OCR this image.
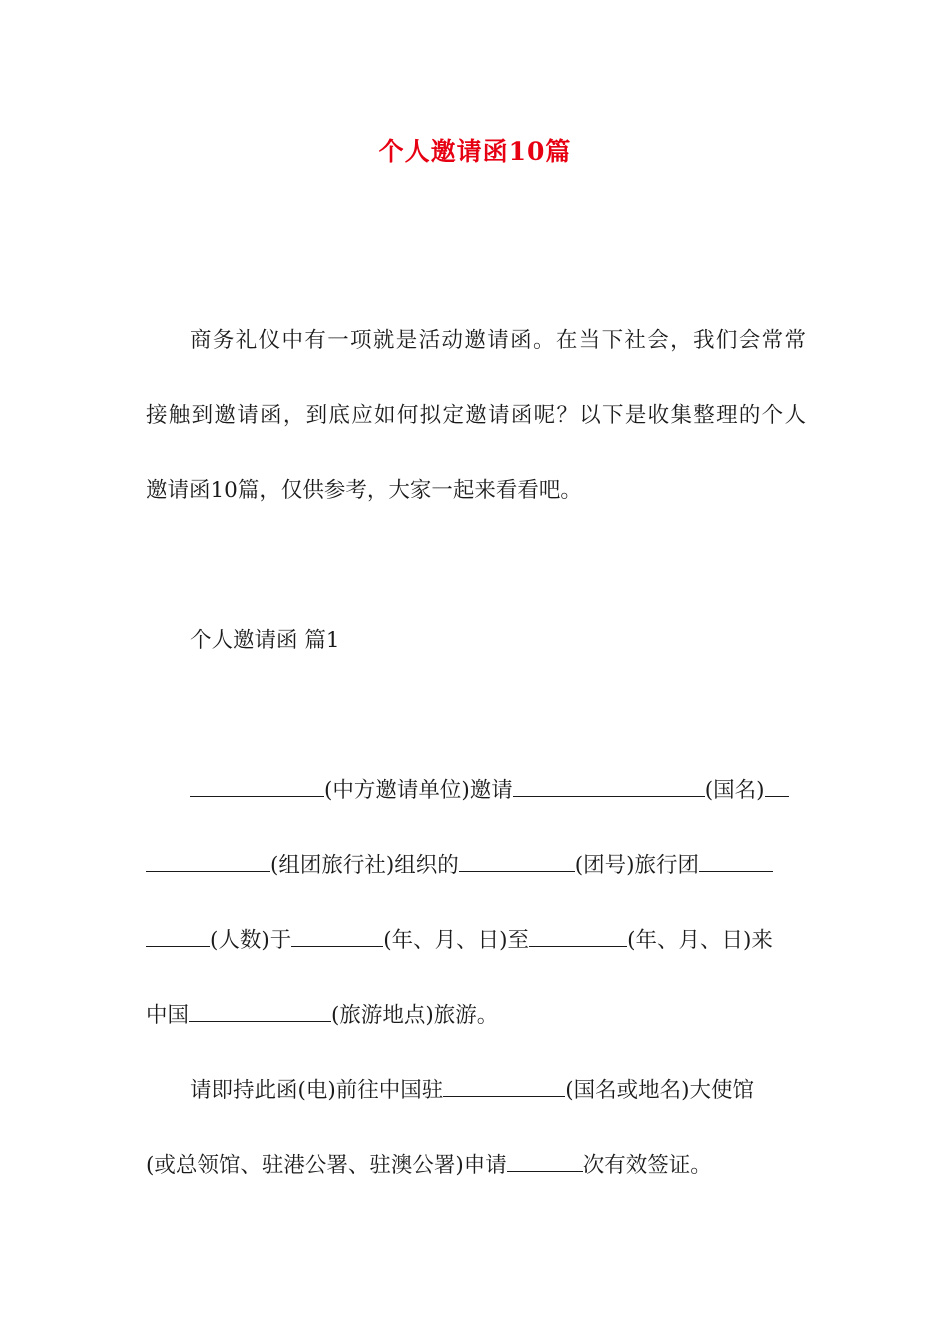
个人邀请函10篇

商务礼仪中有一项就是活动邀请函。在当下社会，我们会常常

接触到邀请函，到底应如何拟定邀请函呢？以下是收集整理的个人

邀请函10篇，仅供参考，大家一起来看看吧。

个人邀请函 篇1

(中方邀请单位)邀请	(国名)

(组团旅行社)组织的	(团号)旅行团

(人数)于	(年、月、日)至	(年、月、日)来

中国	(旅游地点)旅游。

请即持此函(电)前往中国驻	(国名或地名)大使馆

(或总领馆、驻港公署、驻澳公署)申请	次有效签证。
